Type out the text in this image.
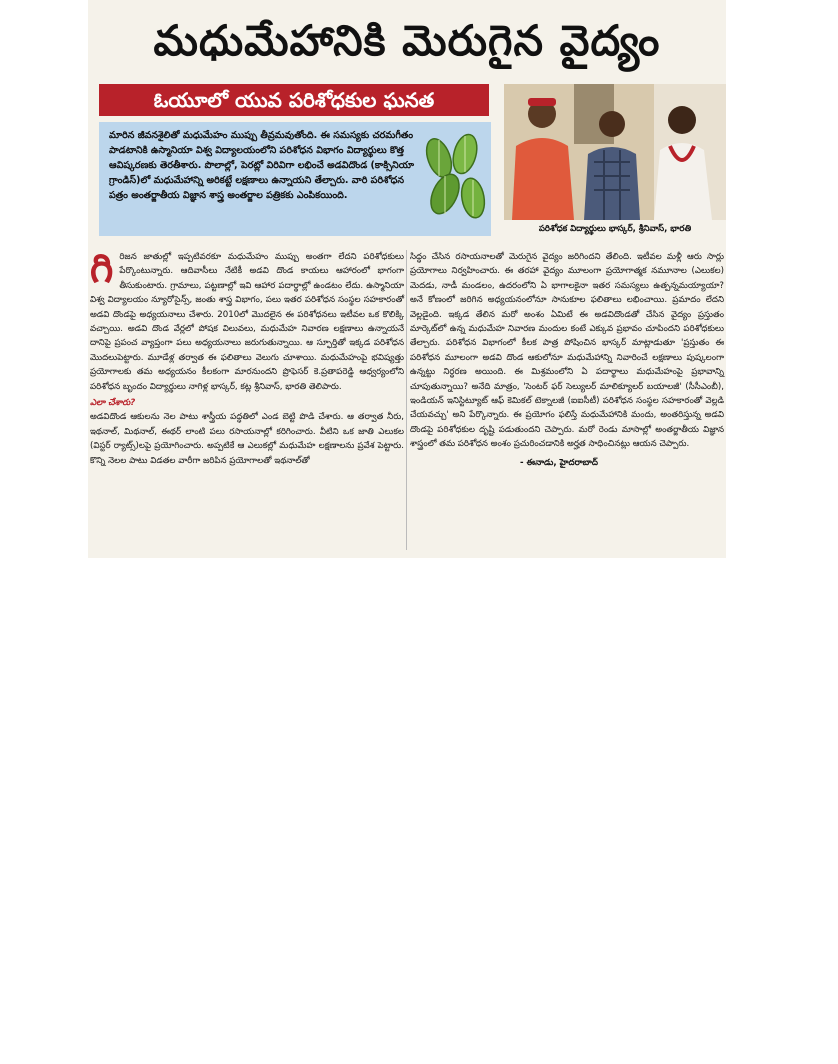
మధుమేహానికి మెరుగైన వైద్యం
ఓయూలో యువ పరిశోధకుల ఘనత
మారిన జీవనశైలితో మధుమేహం ముప్పు తీవ్రమవుతోంది. ఈ సమస్యకు చరమగీతం పాడటానికి ఉస్మానియా విశ్వ విద్యాలయంలోని పరిశోధన విభాగం విద్యార్థులు కొత్త ఆవిష్కరణకు తెరతీశారు. పొలాల్లో, పెరట్లో విరివిగా లభించే అడవిదొండ (కాక్సినియా గ్రాండిస్)లో మధుమేహాన్ని అరికట్టే లక్షణాలు ఉన్నాయని తేల్చారు. వారి పరిశోధన పత్రం అంతర్జాతీయ విజ్ఞాన శాస్త్ర అంతర్జాల పత్రికకు ఎంపికయింది.
పరిశోధక విద్యార్థులు భాస్కర్, శ్రీనివాస్, భారతి
గి రిజన జాతుల్లో ఇప్పటివరకూ మధుమేహం ముప్పు అంతగా లేదని పరిశోధకులు పేర్కొంటున్నారు. ఆదివాసీలు నేటికీ అడవి దొండ కాయలు ఆహారంలో భాగంగా తీసుకుంటారు. గ్రామాలు, పట్టణాల్లో ఇవి ఆహార పదార్థాల్లో ఉండటం లేదు. ఉస్మానియా విశ్వ విద్యాలయం న్యూరోసైన్స్, జంతు శాస్త్ర విభాగం, పలు ఇతర పరిశోధన సంస్థల సహకారంతో అడవి దొండపై అధ్యయనాలు చేశారు. 2010లో మొదలైన ఈ పరిశోధనలు ఇటీవల ఒక కొలిక్కి వచ్చాయి. అడవి దొండ వేర్లలో పోషక విలువలు, మధుమేహ నివారణ లక్షణాలు ఉన్నాయనే దానిపై ప్రపంచ వ్యాప్తంగా పలు అధ్యయనాలు జరుగుతున్నాయి. ఆ స్ఫూర్తితో ఇక్కడ పరిశోధన మొదలుపెట్టారు. మూడేళ్ల తర్వాత ఈ ఫలితాలు వెలుగు చూశాయి. మధుమేహంపై భవిష్యత్తు ప్రయోగాలకు తమ అధ్యయనం కీలకంగా మారనుందని ప్రొఫెసర్ కె.ప్రతాపరెడ్డి ఆధ్వర్యంలోని పరిశోధన బృందం విద్యార్థులు నాగిళ్ల భాస్కర్, కట్ల శ్రీనివాస్, భారతి తెలిపారు.
ఎలా చేశారు?
అడవిదొండ ఆకులను నెల పాటు శాస్త్రీయ పద్ధతిలో ఎండ బెట్టి పొడి చేశారు. ఆ తర్వాత నీరు, ఇథనాల్, మిథనాల్, ఈథర్ లాంటి పలు రసాయనాల్లో కరిగించారు. వీటిని ఒక జాతి ఎలుకల (విస్టర్ ర్యాట్స్)లపై ప్రయోగించారు. అప్పటికే ఆ ఎలుకల్లో మధుమేహ లక్షణాలను ప్రవేశ పెట్టారు. కొన్ని నెలల పాటు విడతల వారీగా జరిపిన ప్రయోగాలతో ఇథనాల్‌తో
సిద్ధం చేసిన రసాయనాలతో మెరుగైన వైద్యం జరిగిందని తేలింది. ఇటీవల మళ్లీ ఆరు సార్లు ప్రయోగాలు నిర్వహించారు. ఈ తరహా వైద్యం మూలంగా ప్రయోగాత్మక నమూనాల (ఎలుకల) మెదడు, నాడీ మండలం, ఉదరంలోని ఏ భాగాలకైనా ఇతర సమస్యలు ఉత్పన్నమయ్యాయా? అనే కోణంలో జరిగిన అధ్యయనంలోనూ సానుకూల ఫలితాలు లభించాయి. ప్రమాదం లేదని వెల్లడైంది. ఇక్కడ తేలిన మరో అంశం ఏమిటే ఈ అడవిదొండతో చేసిన వైద్యం ప్రస్తుతం మార్కెట్‌లో ఉన్న మధుమేహ నివారణ మందుల కంటే ఎక్కువ ప్రభావం చూపిందని పరిశోధకులు తేల్చారు. పరిశోధన విభాగంలో కీలక పాత్ర పోషించిన భాస్కర్ మాట్లాడుతూ 'ప్రస్తుతం ఈ పరిశోధన మూలంగా అడవి దొండ ఆకులోనూ మధుమేహాన్ని నివారించే లక్షణాలు పుష్కలంగా ఉన్నట్టు నిర్ధరణ అయింది. ఈ మిశ్రమంలోని ఏ పదార్థాలు మధుమేహంపై ప్రభావాన్ని చూపుతున్నాయి? అనేది మాత్రం, 'సెంటర్ ఫర్ సెల్యులర్ మాలిక్యూలర్ బయాలజీ' (సీసీఎంబీ), ఇండియన్ ఇనిస్టిట్యూట్ ఆఫ్ కెమికల్ టెక్నాలజీ (ఐఐసీటీ) పరిశోధన సంస్థల సహకారంతో వెల్లడి చేయవచ్చు' అని పేర్కొన్నారు. ఈ ప్రయోగం ఫలిస్తే మధుమేహానికి మందు, అంతరిస్తున్న అడవి దొండపై పరిశోధకుల దృష్టి పడుతుందని చెప్పారు. మరో రెండు మాసాల్లో అంతర్జాతీయ విజ్ఞాన శాస్త్రంలో తమ పరిశోధన అంశం ప్రచురించడానికి అర్హత సాధించినట్లు ఆయన చెప్పారు.
- ఈనాడు, హైదరాబాద్
